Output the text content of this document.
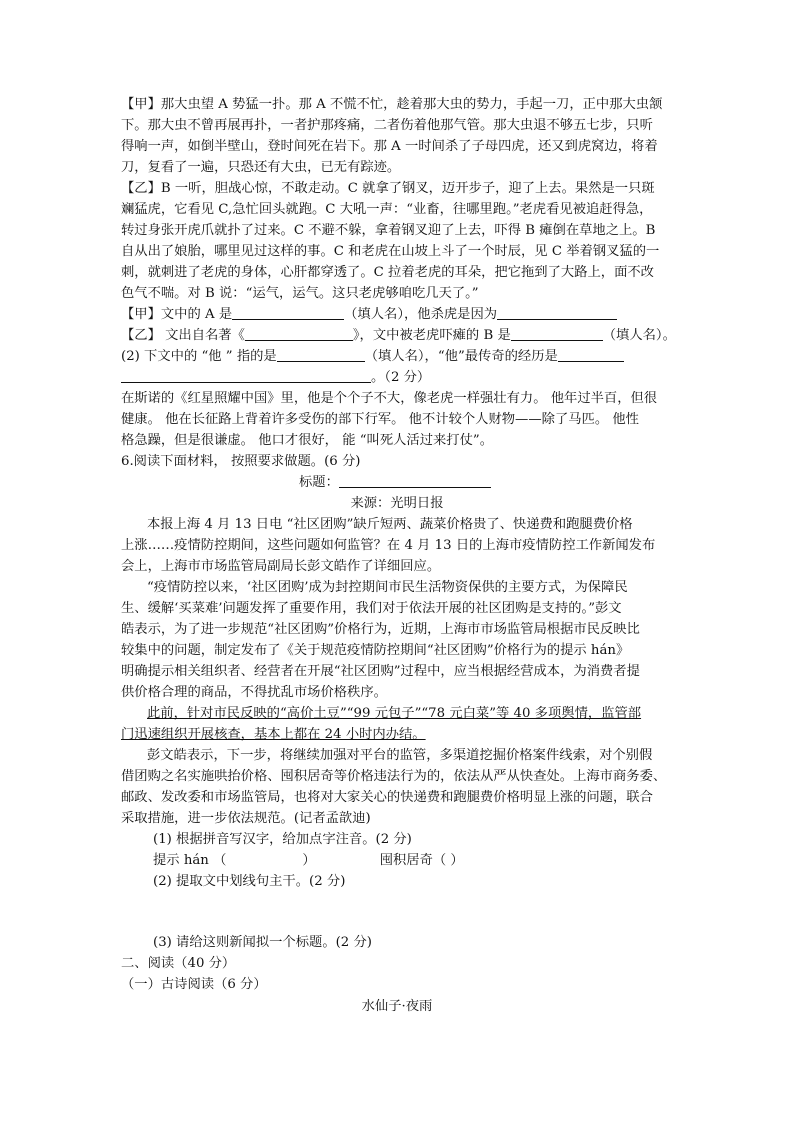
【甲】那大虫望 A 势猛一扑。那 A 不慌不忙，趁着那大虫的势力，手起一刀，正中那大虫颔
下。那大虫不曾再展再扑，一者护那疼痛，二者伤着他那气管。那大虫退不够五七步，只听
得响一声，如倒半壁山，登时间死在岩下。那 A 一时间杀了子母四虎，还又到虎窝边，将着
刀，复看了一遍，只恐还有大虫，已无有踪迹。
【乙】B 一听，胆战心惊，不敢走动。C 就拿了钢叉，迈开步子，迎了上去。果然是一只斑
斓猛虎，它看见 C,急忙回头就跑。C 大吼一声：“业畜，往哪里跑。”老虎看见被追赶得急，
转过身张开虎爪就扑了过来。C 不避不躲，拿着钢叉迎了上去，吓得 B 瘫倒在草地之上。B
自从出了娘胎，哪里见过这样的事。C 和老虎在山坡上斗了一个时辰，见 C 举着钢叉猛的一
刺，就刺进了老虎的身体，心肝都穿透了。C 拉着老虎的耳朵，把它拖到了大路上，面不改
色气不喘。对 B 说：“运气，运气。这只老虎够咱吃几天了。”
【甲】文中的 A 是	（填人名），他杀虎是因为
【乙】 文出自名著《	》，文中被老虎吓瘫的 B 是	（填人名）。
(2) 下文中的 “他 ” 指的是	（填人名），“他”最传奇的经历是
。（2 分）
在斯诺的《红星照耀中国》里，他是个个子不大，像老虎一样强壮有力。 他年过半百，但很
健康。 他在长征路上背着许多受伤的部下行军。 他不计较个人财物——除了马匹。 他性
格急躁，但是很谦虚。 他口才很好， 能 “叫死人活过来打仗”。
6.阅读下面材料， 按照要求做题。(6 分)
标题：
来源：光明日报
本报上海 4 月 13 日电 “社区团购”缺斤短两、蔬菜价格贵了、快递费和跑腿费价格
上涨……疫情防控期间，这些问题如何监管？在 4 月 13 日的上海市疫情防控工作新闻发布
会上，上海市市场监管局副局长彭文皓作了详细回应。
“疫情防控以来，‘社区团购’成为封控期间市民生活物资保供的主要方式，为保障民
生、缓解‘买菜难’问题发挥了重要作用，我们对于依法开展的社区团购是支持的。”彭文
皓表示，为了进一步规范“社区团购”价格行为，近期，上海市市场监管局根据市民反映比
较集中的问题，制定发布了《关于规范疫情防控期间“社区团购”价格行为的提示 hán》
明确提示相关组织者、经营者在开展“社区团购”过程中，应当根据经营成本，为消费者提
供价格合理的商品，不得扰乱市场价格秩序。
此前，针对市民反映的“高价土豆”“99 元包子”“78 元白菜”等 40 多项舆情，监管部
门迅速组织开展核查，基本上都在 24 小时内办结。
彭文皓表示，下一步，将继续加强对平台的监管，多渠道挖掘价格案件线索，对个别假
借团购之名实施哄抬价格、囤积居奇等价格违法行为的，依法从严从快查处。上海市商务委、
邮政、发改委和市场监管局，也将对大家关心的快递费和跑腿费价格明显上涨的问题，联合
采取措施，进一步依法规范。(记者孟歆迪)
(1) 根据拼音写汉字，给加点字注音。(2 分)
提示 hán （	）	囤积居奇（ ）
(2) 提取文中划线句主干。(2 分)
(3) 请给这则新闻拟一个标题。(2 分)
二、阅读（40 分）
（一）古诗阅读（6 分）
水仙子·夜雨
